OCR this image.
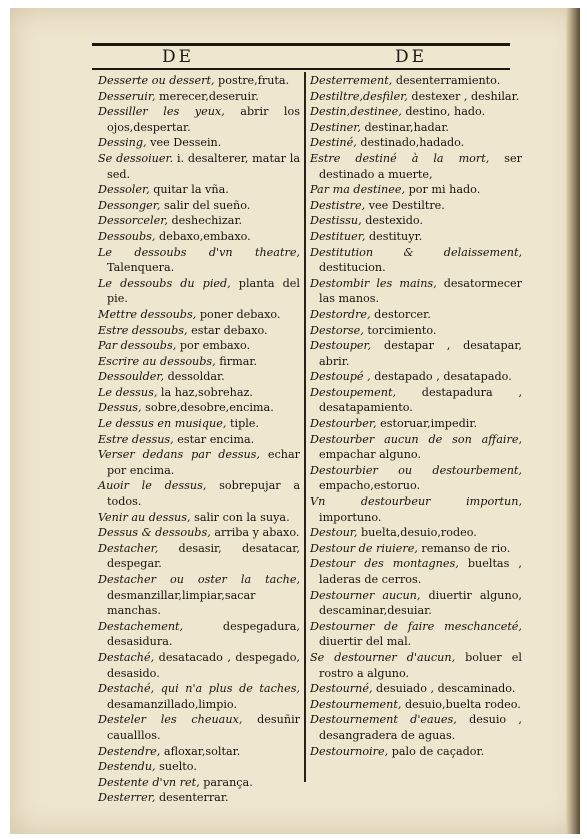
DE	DE
Desserte ou dessert, postre,fruta.
Desseruir, merecer,deseruir.
Dessiller les yeux, abrir los ojos,despertar.
Dessing, vee Dessein.
Se dessoiuer. i. desalterer, matar la sed.
Dessoler, quitar la vña.
Dessonger, salir del sueño.
Dessorceler, deshechizar.
Dessoubs, debaxo,embaxo.
Le dessoubs d'vn theatre, Talenquera.
Le dessoubs du pied, planta del pie.
Mettre dessoubs, poner debaxo.
Estre dessoubs, estar debaxo.
Par dessoubs, por embaxo.
Escrire au dessoubs, firmar.
Dessoulder, dessoldar.
Le dessus, la haz,sobrehaz.
Dessus, sobre,desobre,encima.
Le dessus en musique, tiple.
Estre dessus, estar encima.
Verser dedans par dessus, echar por encima.
Auoir le dessus, sobrepujar a todos.
Venir au dessus, salir con la suya.
Dessus & dessoubs, arriba y abaxo.
Destacher, desasir, desatacar, despegar.
Destacher ou oster la tache, desmanzillar,limpiar,sacar manchas.
Destachement, despegadura, desasidura.
Destaché, desatacado , despegado, desasido.
Destaché, qui n'a plus de taches, desamanzillado,limpio.
Desteler les cheuaux, desuñir caualllos.
Destendre, afloxar,soltar.
Destendu, suelto.
Destente d'vn ret, parança.
Desterrer, desenterrar.
Desterrement, desenterramiento.
Destiltre,desfiler, destexer , deshilar.
Destin,destinee, destino, hado.
Destiner, destinar,hadar.
Destiné, destinado,hadado.
Estre destiné à la mort, ser destinado a muerte,
Par ma destinee, por mi hado.
Destistre, vee Destiltre.
Destissu, destexido.
Destituer, destituyr.
Destitution & delaissement, destitucion.
Destombir les mains, desatormecer las manos.
Destordre, destorcer.
Destorse, torcimiento.
Destouper, destapar , desatapar, abrir.
Destoupé , destapado , desatapado.
Destoupement, destapadura , desatapamiento.
Destourber, estoruar,impedir.
Destourber aucun de son affaire, empachar alguno.
Destourbier ou destourbement, empacho,estoruo.
Vn destourbeur importun, importuno.
Destour, buelta,desuio,rodeo.
Destour de riuiere, remanso de rio.
Destour des montagnes, bueltas , laderas de cerros.
Destourner aucun, diuertir alguno, descaminar,desuiar.
Destourner de faire meschanceté, diuertir del mal.
Se destourner d'aucun, boluer el rostro a alguno.
Destourné, desuiado , descaminado.
Destournement, desuio,buelta rodeo.
Destournement d'eaues, desuio , desangradera de aguas.
Destournoire, palo de caçador.
